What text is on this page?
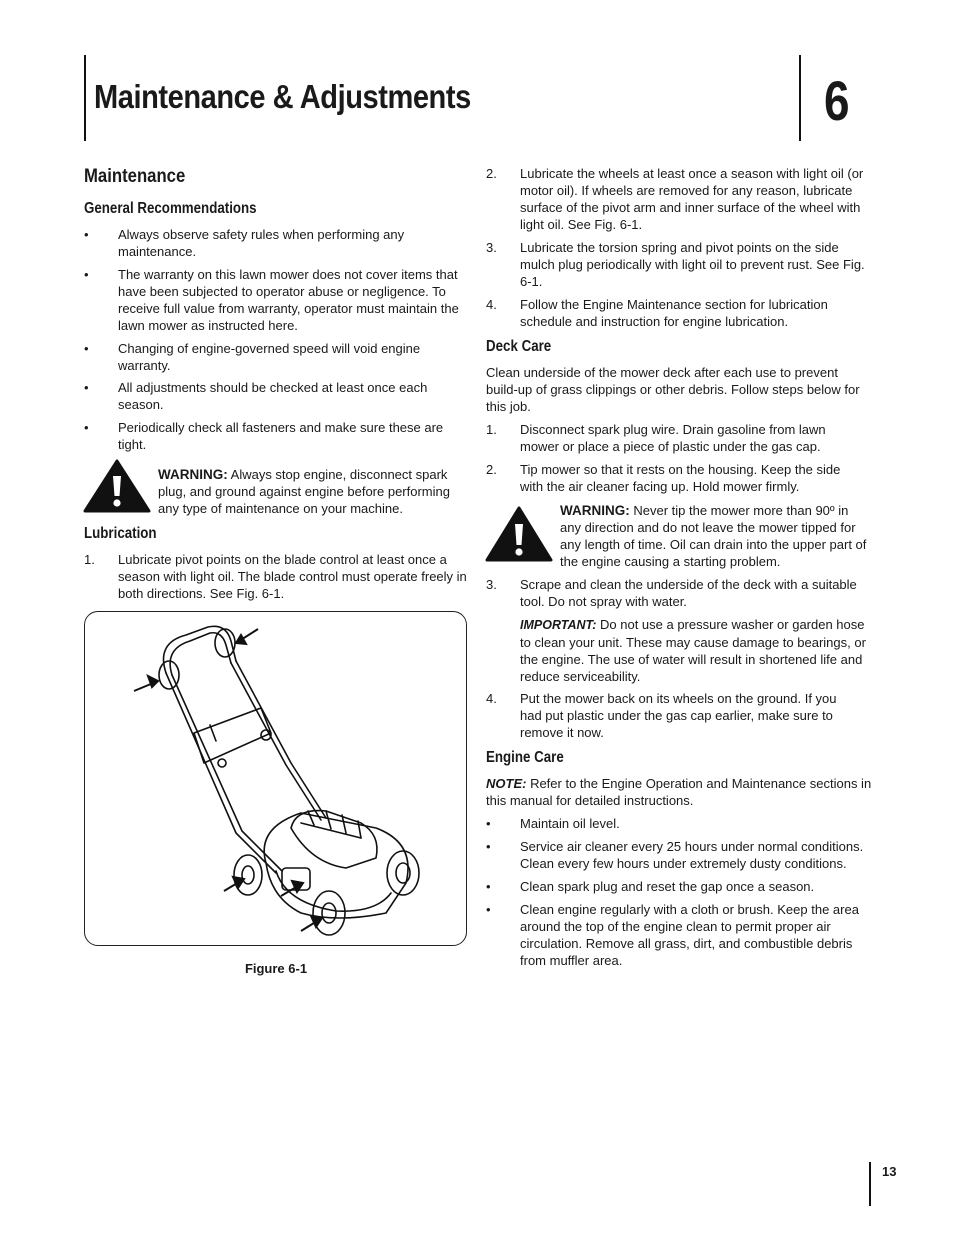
Maintenance & Adjustments	6
Maintenance
General Recommendations
• Always observe safety rules when performing any maintenance.
• The warranty on this lawn mower does not cover items that have been subjected to operator abuse or negligence. To receive full value from warranty, operator must maintain the lawn mower as instructed here.
• Changing of engine-governed speed will void engine warranty.
• All adjustments should be checked at least once each season.
• Periodically check all fasteners and make sure these are tight.
WARNING: Always stop engine, disconnect spark plug, and ground against engine before performing any type of maintenance on your machine.
Lubrication
1. Lubricate pivot points on the blade control at least once a season with light oil. The blade control must operate freely in both directions. See Fig. 6-1.
Figure 6-1
2. Lubricate the wheels at least once a season with light oil (or motor oil). If wheels are removed for any reason, lubricate surface of the pivot arm and inner surface of the wheel with light oil. See Fig. 6-1.
3. Lubricate the torsion spring and pivot points on the side mulch plug periodically with light oil to prevent rust. See Fig. 6-1.
4. Follow the Engine Maintenance section for lubrication schedule and instruction for engine lubrication.
Deck Care
Clean underside of the mower deck after each use to prevent build-up of grass clippings or other debris. Follow steps below for this job.
1. Disconnect spark plug wire. Drain gasoline from lawn mower or place a piece of plastic under the gas cap.
2. Tip mower so that it rests on the housing. Keep the side with the air cleaner facing up. Hold mower firmly.
WARNING: Never tip the mower more than 90º in any direction and do not leave the mower tipped for any length of time. Oil can drain into the upper part of the engine causing a starting problem.
3. Scrape and clean the underside of the deck with a suitable tool. Do not spray with water.
IMPORTANT: Do not use a pressure washer or garden hose to clean your unit. These may cause damage to bearings, or the engine. The use of water will result in shortened life and reduce serviceability.
4. Put the mower back on its wheels on the ground. If you had put plastic under the gas cap earlier, make sure to remove it now.
Engine Care
NOTE: Refer to the Engine Operation and Maintenance sections in this manual for detailed instructions.
• Maintain oil level.
• Service air cleaner every 25 hours under normal conditions. Clean every few hours under extremely dusty conditions.
• Clean spark plug and reset the gap once a season.
• Clean engine regularly with a cloth or brush. Keep the area around the top of the engine clean to permit proper air circulation. Remove all grass, dirt, and combustible debris from muffler area.
13
